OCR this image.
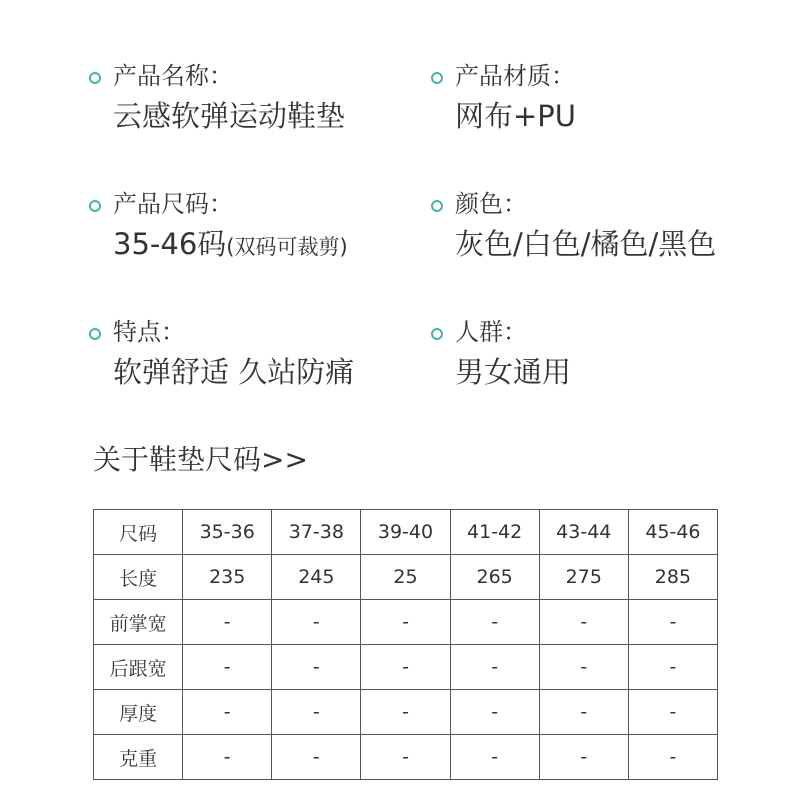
产品名称：
云感软弹运动鞋垫
产品材质：
网布+PU
产品尺码：
35-46码(双码可裁剪)
颜色：
灰色/白色/橘色/黑色
特点：
软弹舒适 久站防痛
人群：
男女通用
关于鞋垫尺码>>
尺码	35-36	37-38	39-40	41-42	43-44	45-46
长度	235	245	25	265	275	285
前掌宽	-	-	-	-	-	-
后跟宽	-	-	-	-	-	-
厚度	-	-	-	-	-	-
克重	-	-	-	-	-	-
